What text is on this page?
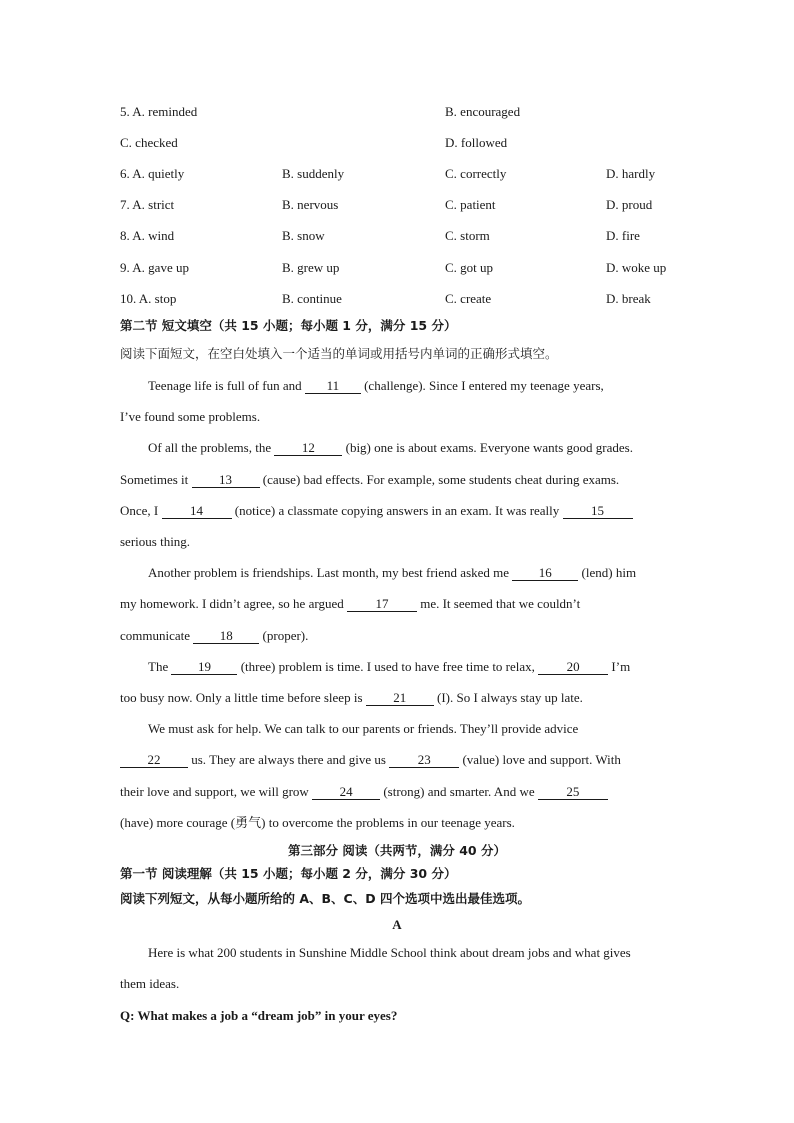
5. A. reminded	B. encouraged
C. checked	D. followed
6. A. quietly	B. suddenly	C. correctly	D. hardly
7. A. strict	B. nervous	C. patient	D. proud
8. A. wind	B. snow	C. storm	D. fire
9. A. gave up	B. grew up	C. got up	D. woke up
10. A. stop	B. continue	C. create	D. break
第二节 短文填空（共 15 小题；每小题 1 分，满分 15 分）
阅读下面短文，在空白处填入一个适当的单词或用括号内单词的正确形式填空。
Teenage life is full of fun and 11 (challenge). Since I entered my teenage years,
I’ve found some problems.
Of all the problems, the 12 (big) one is about exams. Everyone wants good grades.
Sometimes it 13 (cause) bad effects. For example, some students cheat during exams.
Once, I 14 (notice) a classmate copying answers in an exam. It was really 15
serious thing.
Another problem is friendships. Last month, my best friend asked me 16 (lend) him
my homework. I didn’t agree, so he argued 17 me. It seemed that we couldn’t
communicate 18 (proper).
The 19 (three) problem is time. I used to have free time to relax, 20 I’m
too busy now. Only a little time before sleep is 21 (I). So I always stay up late.
We must ask for help. We can talk to our parents or friends. They’ll provide advice
22 us. They are always there and give us 23 (value) love and support. With
their love and support, we will grow 24 (strong) and smarter. And we 25
(have) more courage (勇气) to overcome the problems in our teenage years.
第三部分 阅读（共两节，满分 40 分）
第一节 阅读理解（共 15 小题；每小题 2 分，满分 30 分）
阅读下列短文，从每小题所给的 A、B、C、D 四个选项中选出最佳选项。
A
Here is what 200 students in Sunshine Middle School think about dream jobs and what gives
them ideas.
Q: What makes a job a “dream job” in your eyes?
